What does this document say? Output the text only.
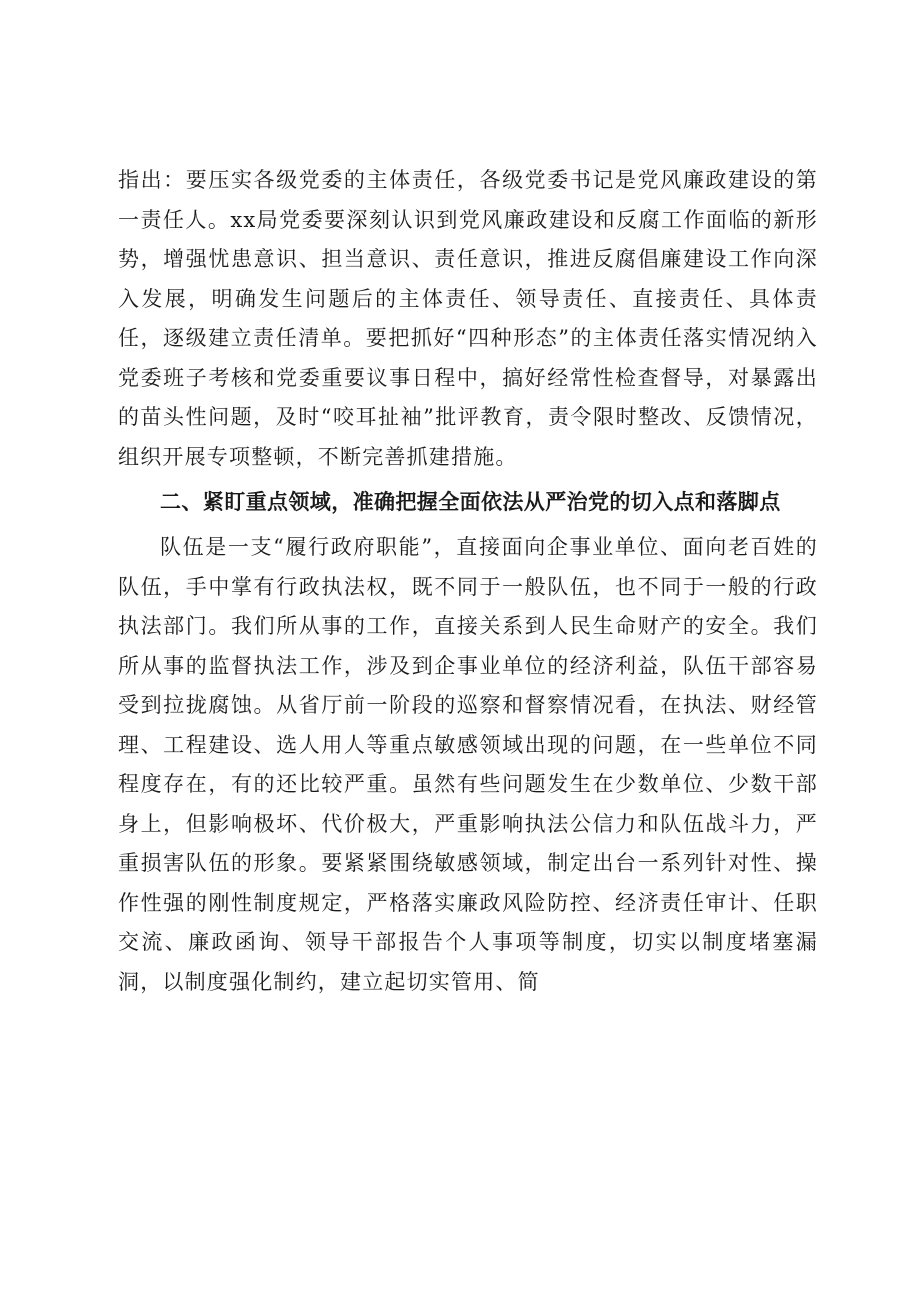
指出：要压实各级党委的主体责任，各级党委书记是党风廉政建设的第一责任人。xx局党委要深刻认识到党风廉政建设和反腐工作面临的新形势，增强忧患意识、担当意识、责任意识，推进反腐倡廉建设工作向深入发展，明确发生问题后的主体责任、领导责任、直接责任、具体责任，逐级建立责任清单。要把抓好“四种形态”的主体责任落实情况纳入党委班子考核和党委重要议事日程中，搞好经常性检查督导，对暴露出的苗头性问题，及时“咬耳扯袖”批评教育，责令限时整改、反馈情况，组织开展专项整顿，不断完善抓建措施。

二、紧盯重点领域，准确把握全面依法从严治党的切入点和落脚点

队伍是一支“履行政府职能”，直接面向企事业单位、面向老百姓的队伍，手中掌有行政执法权，既不同于一般队伍，也不同于一般的行政执法部门。我们所从事的工作，直接关系到人民生命财产的安全。我们所从事的监督执法工作，涉及到企事业单位的经济利益，队伍干部容易受到拉拢腐蚀。从省厅前一阶段的巡察和督察情况看，在执法、财经管理、工程建设、选人用人等重点敏感领域出现的问题，在一些单位不同程度存在，有的还比较严重。虽然有些问题发生在少数单位、少数干部身上，但影响极坏、代价极大，严重影响执法公信力和队伍战斗力，严重损害队伍的形象。要紧紧围绕敏感领域，制定出台一系列针对性、操作性强的刚性制度规定，严格落实廉政风险防控、经济责任审计、任职交流、廉政函询、领导干部报告个人事项等制度，切实以制度堵塞漏洞，以制度强化制约，建立起切实管用、简
